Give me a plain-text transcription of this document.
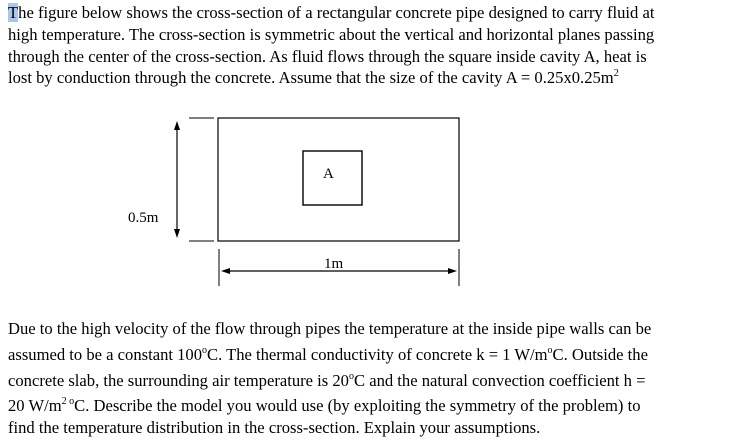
The figure below shows the cross-section of a rectangular concrete pipe designed to carry fluid at
high temperature. The cross-section is symmetric about the vertical and horizontal planes passing
through the center of the cross-section. As fluid flows through the square inside cavity A, heat is
lost by conduction through the concrete. Assume that the size of the cavity $A = 0.25x0.25m^2$
A
0.5m
1m
Due to the high velocity of the flow through pipes the temperature at the inside pipe walls can be
assumed to be a constant 100$^o$C. The thermal conductivity of concrete k = 1 $W/m^oC$. Outside the
concrete slab, the surrounding air temperature is 20$^o$C and the natural convection coefficient h =
20 $W/m^{2 o}C$. Describe the model you would use (by exploiting the symmetry of the problem) to
find the temperature distribution in the cross-section. Explain your assumptions.
